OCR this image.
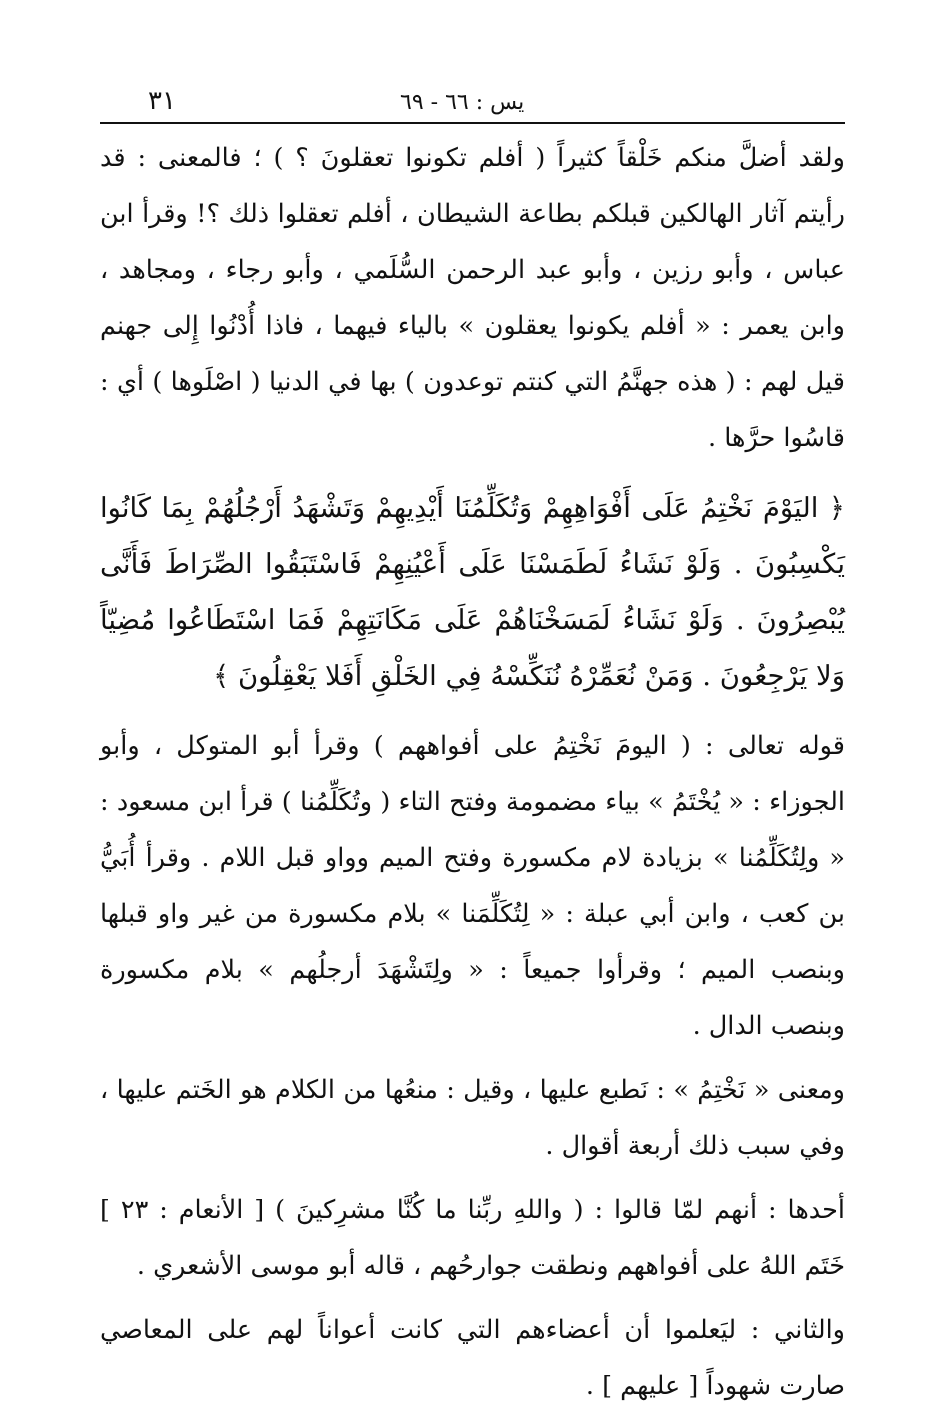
٣١	يس : ٦٦ - ٦٩

ولقد أضلَّ منكم خَلْقاً كثيراً ( أفلم تكونوا تعقلونَ ؟ ) ؛ فالمعنى : قد رأيتم آثار الهالكين قبلكم بطاعة الشيطان ، أفلم تعقلوا ذلك ؟! وقرأ ابن عباس ، وأبو رزين ، وأبو عبد الرحمن السُّلَمي ، وأبو رجاء ، ومجاهد ، وابن يعمر : « أفلم يكونوا يعقلون » بالياء فيهما ، فاذا أُدْنُوا إِلى جهنم قيل لهم : ( هذه جهنَّمُ التي كنتم توعدون ) بها في الدنيا ( اصْلَوها ) أي : قاسُوا حرَّها .

﴿ اليَوْمَ نَخْتِمُ عَلَى أَفْوَاهِهِمْ وَتُكَلِّمُنَا أَيْدِيهِمْ وَتَشْهَدُ أَرْجُلُهُمْ بِمَا كَانُوا يَكْسِبُونَ . وَلَوْ نَشَاءُ لَطَمَسْنَا عَلَى أَعْيُنِهِمْ فَاسْتَبَقُوا الصِّرَاطَ فَأَنَّى يُبْصِرُونَ . وَلَوْ نَشَاءُ لَمَسَخْنَاهُمْ عَلَى مَكَانَتِهِمْ فَمَا اسْتَطَاعُوا مُضِيّاً وَلا يَرْجِعُونَ . وَمَنْ نُعَمِّرْهُ نُنَكِّسْهُ فِي الخَلْقِ أَفَلا يَعْقِلُونَ ﴾

قوله تعالى : ( اليومَ نَخْتِمُ على أفواههم ) وقرأ أبو المتوكل ، وأبو الجوزاء : « يُخْتَمُ » بياء مضمومة وفتح التاء ( وتُكَلِّمُنا ) قرأ ابن مسعود : « ولِتُكَلِّمُنا » بزيادة لام مكسورة وفتح الميم وواو قبل اللام . وقرأ أُبَيُّ بن كعب ، وابن أبي عبلة : « لِتُكَلِّمَنا » بلام مكسورة من غير واو قبلها وبنصب الميم ؛ وقرأوا جميعاً : « ولِتَشْهَدَ أرجلُهم » بلام مكسورة وبنصب الدال .

ومعنى « نَخْتِمُ » : نَطبع عليها ، وقيل : منعُها من الكلام هو الخَتم عليها ، وفي سبب ذلك أربعة أقوال .

أحدها : أنهم لمّا قالوا : ( واللهِ ربِّنا ما كُنَّا مشرِكينَ ) [ الأنعام : ٢٣ ] خَتَم اللهُ على أفواههم ونطقت جوارحُهم ، قاله أبو موسى الأشعري .

والثاني : ليَعلموا أن أعضاءهم التي كانت أعواناً لهم على المعاصي صارت شهوداً [ عليهم ] .
